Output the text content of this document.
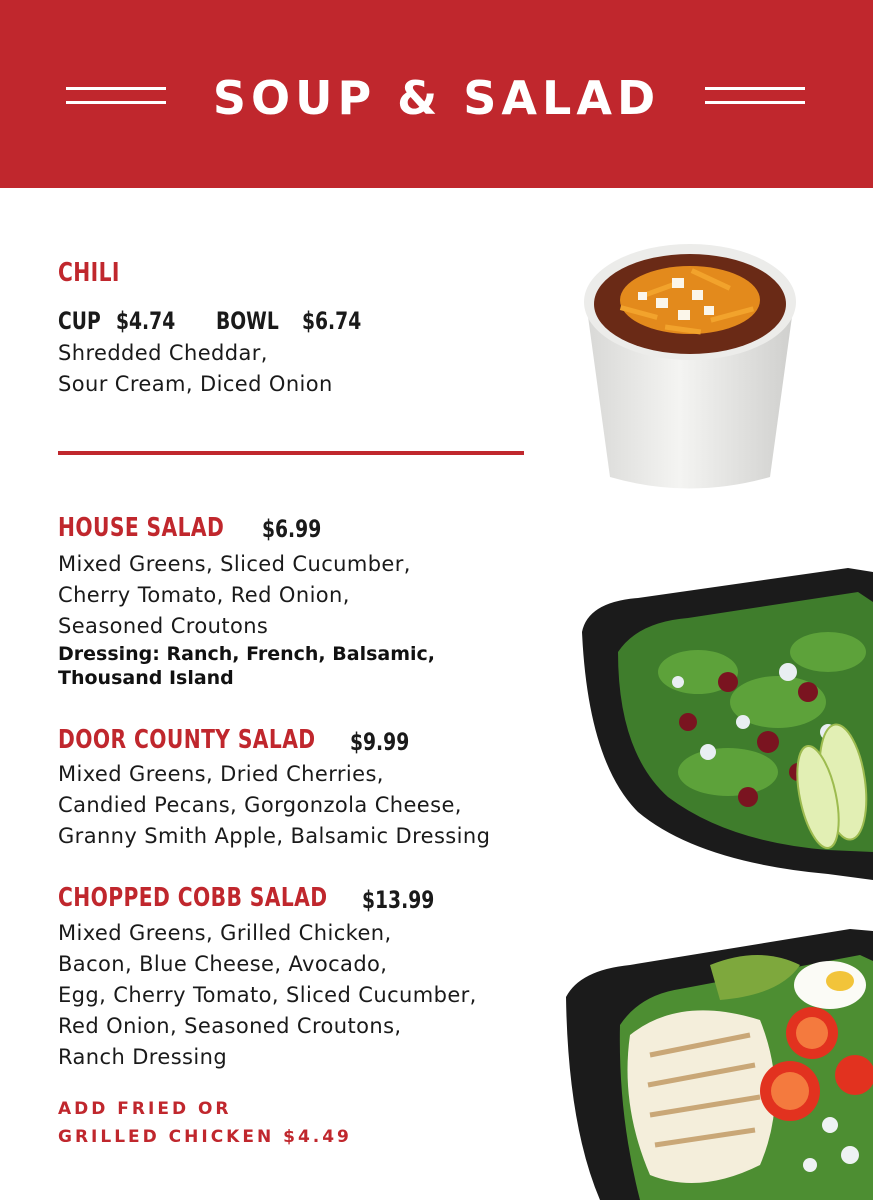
SOUP & SALAD
CHILI
CUP $4.74 BOWL $6.74
Shredded Cheddar,
Sour Cream, Diced Onion
HOUSE SALAD $6.99
Mixed Greens, Sliced Cucumber,
Cherry Tomato, Red Onion,
Seasoned Croutons
Dressing: Ranch, French, Balsamic,
Thousand Island
DOOR COUNTY SALAD $9.99
Mixed Greens, Dried Cherries,
Candied Pecans, Gorgonzola Cheese,
Granny Smith Apple, Balsamic Dressing
CHOPPED COBB SALAD $13.99
Mixed Greens, Grilled Chicken,
Bacon, Blue Cheese, Avocado,
Egg, Cherry Tomato, Sliced Cucumber,
Red Onion, Seasoned Croutons,
Ranch Dressing
ADD FRIED OR
GRILLED CHICKEN $4.49
